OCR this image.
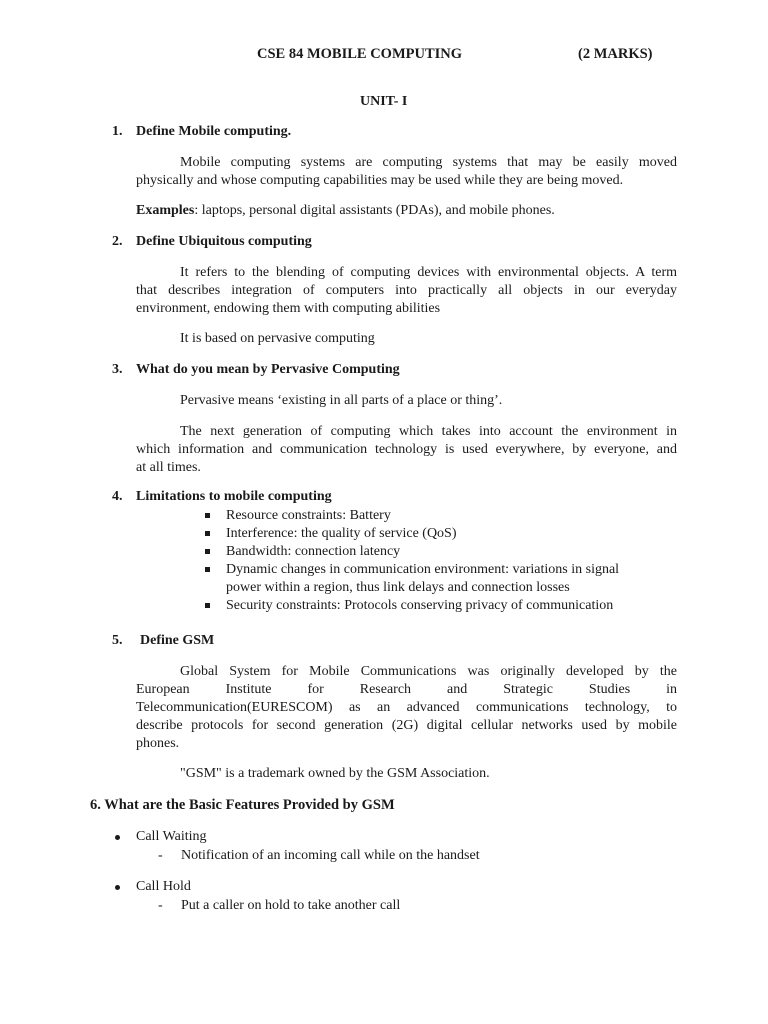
CSE 84 MOBILE COMPUTING	(2 MARKS)
UNIT- I
1. Define Mobile computing.
Mobile computing systems are computing systems that may be easily moved
physically and whose computing capabilities may be used while they are being moved.
Examples: laptops, personal digital assistants (PDAs), and mobile phones.
2. Define Ubiquitous computing
It refers to the blending of computing devices with environmental objects. A term
that describes integration of computers into practically all objects in our everyday
environment, endowing them with computing abilities
It is based on pervasive computing
3. What do you mean by Pervasive Computing
Pervasive means ‘existing in all parts of a place or thing’.
The next generation of computing which takes into account the environment in
which information and communication technology is used everywhere, by everyone, and
at all times.
4. Limitations to mobile computing
Resource constraints: Battery
Interference: the quality of service (QoS)
Bandwidth: connection latency
Dynamic changes in communication environment: variations in signal
power within a region, thus link delays and connection losses
Security constraints: Protocols conserving privacy of communication
5. Define GSM
Global System for Mobile Communications was originally developed by the
European Institute for Research and Strategic Studies in
Telecommunication(EURESCOM) as an advanced communications technology, to
describe protocols for second generation (2G) digital cellular networks used by mobile
phones.
"GSM" is a trademark owned by the GSM Association.
6. What are the Basic Features Provided by GSM
Call Waiting
- Notification of an incoming call while on the handset
Call Hold
- Put a caller on hold to take another call
